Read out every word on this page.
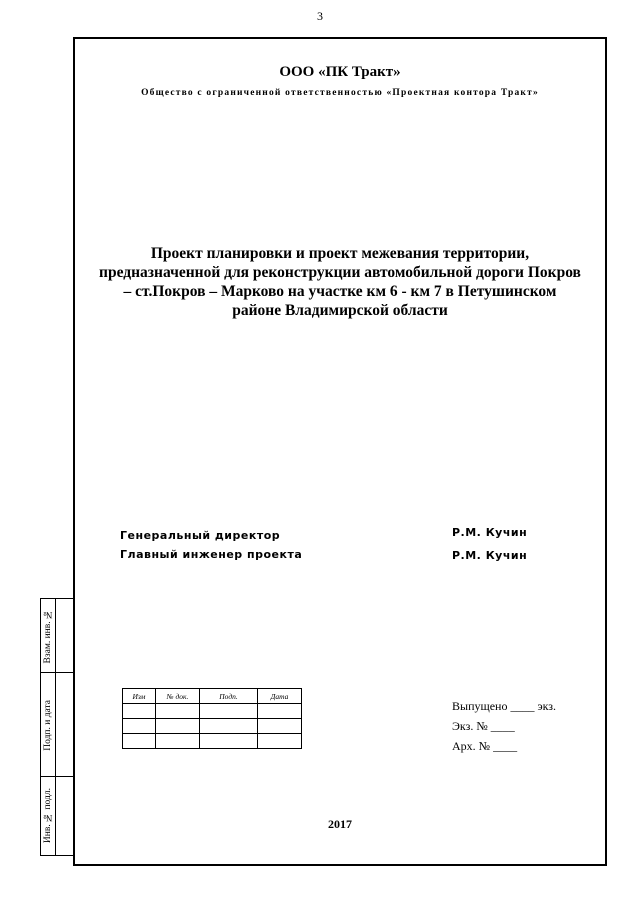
3
Взам. инв. №
Подп. и дата
Инв. № подл.
ООО «ПК Тракт»
Общество с ограниченной ответственностью «Проектная контора Тракт»
Проект планировки и проект межевания территории,
предназначенной для реконструкции автомобильной дороги Покров
– ст.Покров – Марково на участке км 6 - км 7 в Петушинском
районе Владимирской области
Генеральный директор	Р.М. Кучин
Главный инженер проекта	Р.М. Кучин
Изм	№ док.	Подп.	Дата

Выпущено ____ экз.
Экз. № ____
Арх. № ____
2017
